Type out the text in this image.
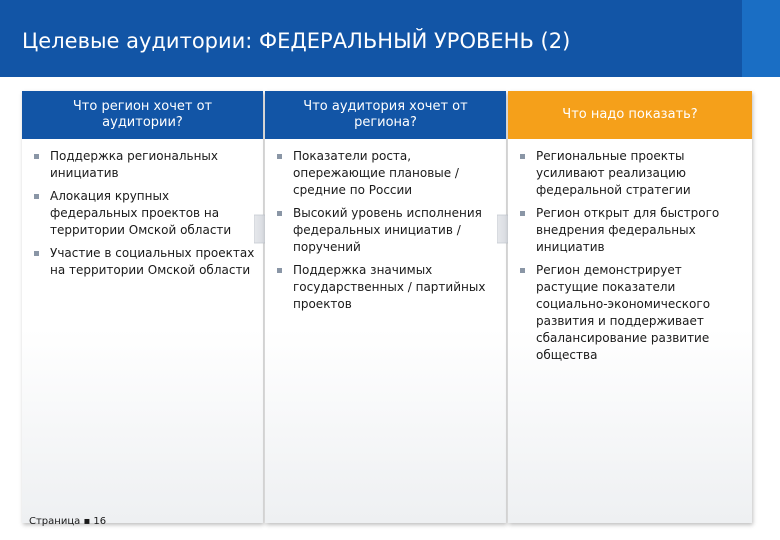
Целевые аудитории: ФЕДЕРАЛЬНЫЙ УРОВЕНЬ (2)
Что регион хочет от аудитории?
Поддержка региональных инициатив
Алокация крупных федеральных проектов на территории Омской области
Участие в социальных проектах на территории Омской области
Что аудитория хочет от региона?
Показатели роста, опережающие плановые / средние по России
Высокий уровень исполнения федеральных инициатив / поручений
Поддержка значимых государственных / партийных проектов
Что надо показать?
Региональные проекты усиливают реализацию федеральной стратегии
Регион открыт для быстрого внедрения федеральных инициатив
Регион демонстрирует растущие показатели социально-экономического развития и поддерживает сбалансирование развитие общества
Страница ▪ 16
